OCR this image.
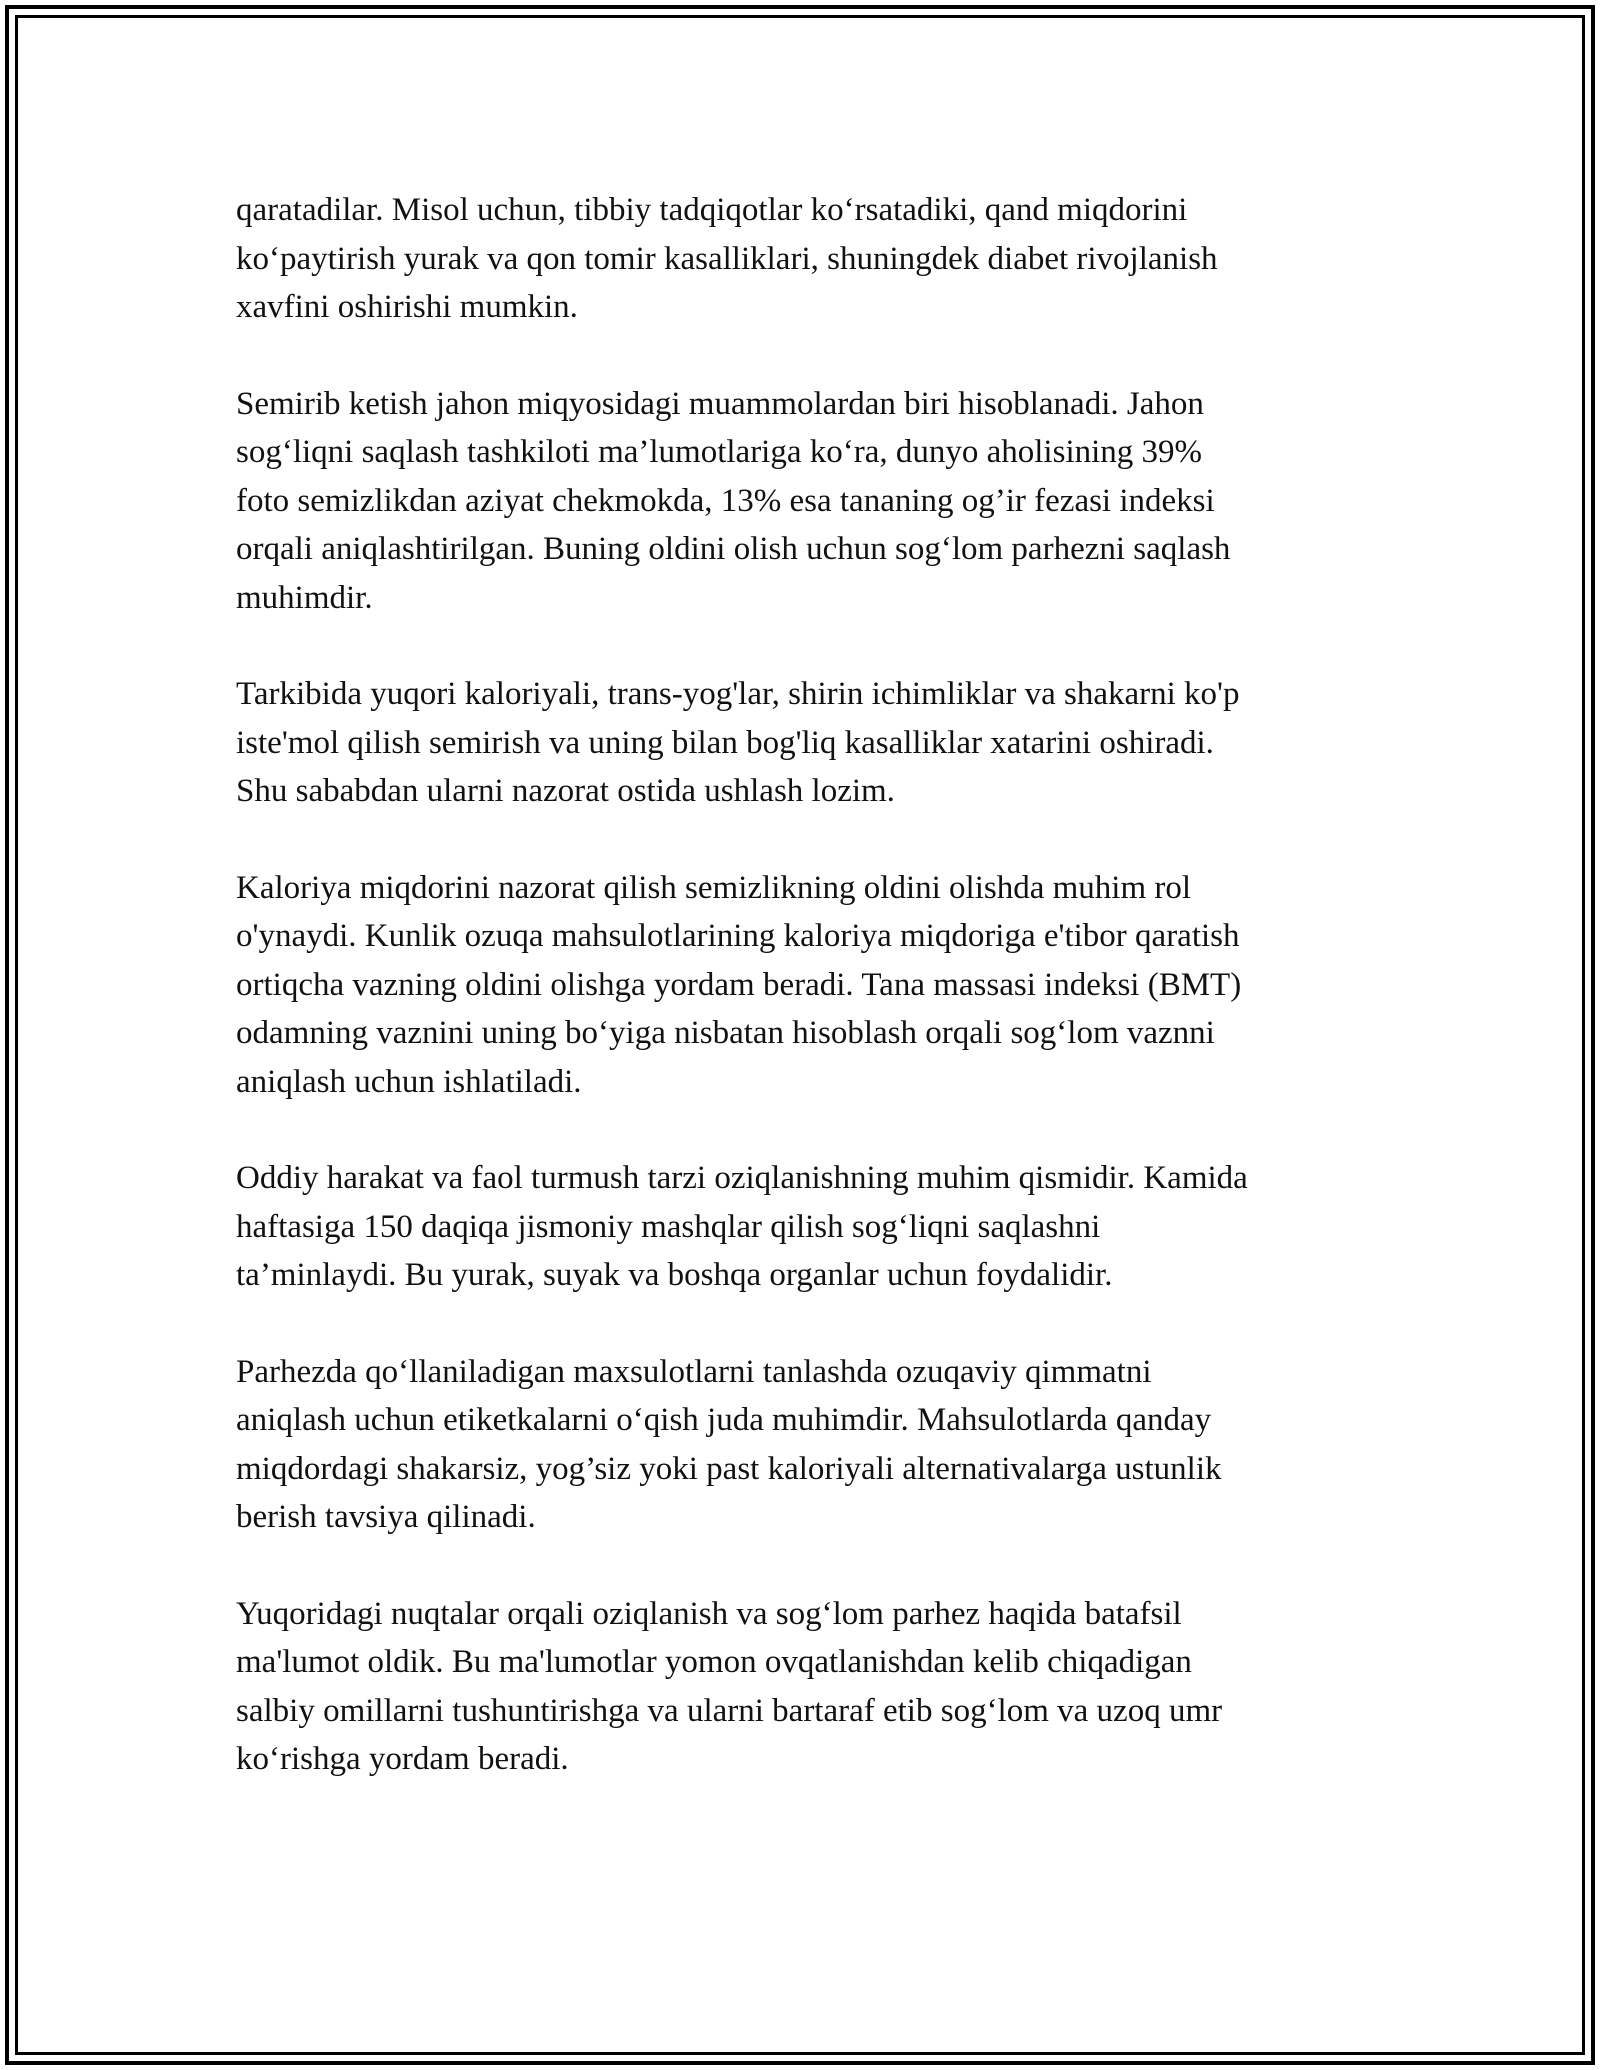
qaratadilar. Misol uchun, tibbiy tadqiqotlar ko‘rsatadiki, qand miqdorini
ko‘paytirish yurak va qon tomir kasalliklari, shuningdek diabet rivojlanish
xavfini oshirishi mumkin.

Semirib ketish jahon miqyosidagi muammolardan biri hisoblanadi. Jahon
sog‘liqni saqlash tashkiloti ma’lumotlariga ko‘ra, dunyo aholisining 39%
foto semizlikdan aziyat chekmokda, 13% esa tananing og’ir fezasi indeksi
orqali aniqlashtirilgan. Buning oldini olish uchun sog‘lom parhezni saqlash
muhimdir.

Tarkibida yuqori kaloriyali, trans-yog'lar, shirin ichimliklar va shakarni ko'p
iste'mol qilish semirish va uning bilan bog'liq kasalliklar xatarini oshiradi.
Shu sababdan ularni nazorat ostida ushlash lozim.

Kaloriya miqdorini nazorat qilish semizlikning oldini olishda muhim rol
o'ynaydi. Kunlik ozuqa mahsulotlarining kaloriya miqdoriga e'tibor qaratish
ortiqcha vazning oldini olishga yordam beradi. Tana massasi indeksi (BMT)
odamning vaznini uning bo‘yiga nisbatan hisoblash orqali sog‘lom vaznni
aniqlash uchun ishlatiladi.

Oddiy harakat va faol turmush tarzi oziqlanishning muhim qismidir. Kamida
haftasiga 150 daqiqa jismoniy mashqlar qilish sog‘liqni saqlashni
ta’minlaydi. Bu yurak, suyak va boshqa organlar uchun foydalidir.

Parhezda qo‘llaniladigan maxsulotlarni tanlashda ozuqaviy qimmatni
aniqlash uchun etiketkalarni o‘qish juda muhimdir. Mahsulotlarda qanday
miqdordagi shakarsiz, yog’siz yoki past kaloriyali alternativalarga ustunlik
berish tavsiya qilinadi.

Yuqoridagi nuqtalar orqali oziqlanish va sog‘lom parhez haqida batafsil
ma'lumot oldik. Bu ma'lumotlar yomon ovqatlanishdan kelib chiqadigan
salbiy omillarni tushuntirishga va ularni bartaraf etib sog‘lom va uzoq umr
ko‘rishga yordam beradi.
